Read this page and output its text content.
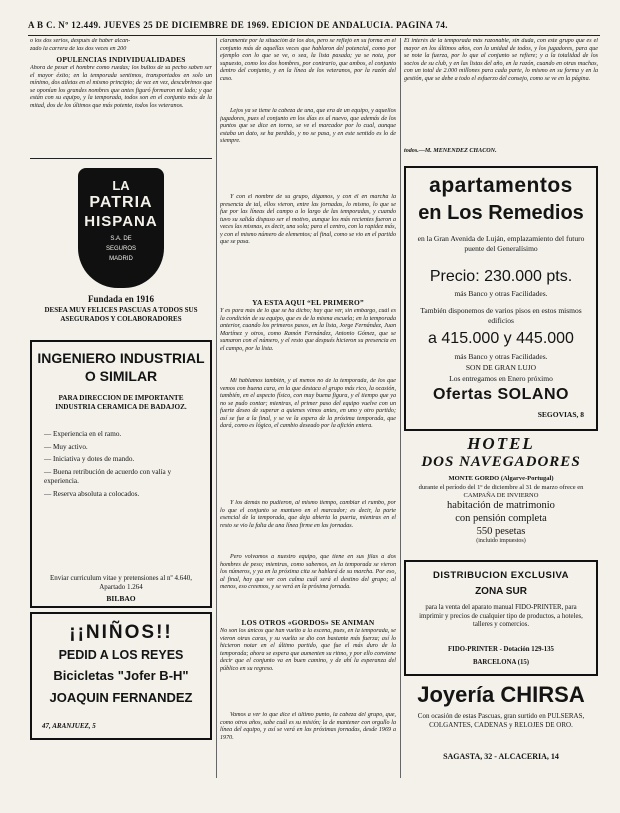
A B C. Nº 12.449. JUEVES 25 DE DICIEMBRE DE 1969. EDICION DE ANDALUCIA. PAGINA 74.

o los dos serios, después de haber alcan-

zado la carrera de las dos veces en 200

OPULENCIAS INDIVIDUALIDADES

Ahora de pesar el hombre como ruedas; los bultos de su pecho saben ser el mayor éxito; en la temporada sentimos, transportados en solo un mínimo, dos atletas en el mismo principio; de vez en vez, descubrimos que se oponían los grandes nombres que antes figuró formaron mi lado; y que están con su equipo, y la temporada, todos son en el conjunto más de la mitad, dos de los últimos que más potente, todos los veteranos.

LA
PATRIA
HISPANA
S.A. DE
SEGUROS
MADRID
Fundada en 1916
DESEA MUY FELICES PASCUAS A TODOS SUS ASEGURADOS Y COLABORADORES
INGENIERO INDUSTRIAL
O SIMILAR
PARA DIRECCION DE IMPORTANTE INDUSTRIA CERAMICA DE BADAJOZ.
— Experiencia en el ramo.
— Muy activo.
— Iniciativa y dotes de mando.
— Buena retribución de acuerdo con valía y experiencia.
— Reserva absoluta a colocados.
Enviar curriculum vitae y pretensiones al nº 4.640, Apartado 1.264
BILBAO
¡¡NIÑOS!!
PEDID A LOS REYES
Bicicletas "Jofer B-H"
JOAQUIN FERNANDEZ
47, ARANJUEZ, 5

claramente por la situación de los dos, pero se reflejó en su forma en el conjunto más de aquellas veces que hablaron del potencial, como por ejemplo con lo que se ve, o sea, la lista pasada; ya se nota, por supuesto, como los dos hombres, por contrario, que ambos, el conjunto dentro del conjunto, y en la línea de los veteranos, por la razón del caso.

Lejos ya se tiene la cabeza de una, que era de un equipo, y aquellos jugadores, pues el conjunto en los días es al nuevo, que además de los puntos que se dice en torno, se ve el marcador por lo cual, aunque estaba un dato, se ha perdido, y no se pasa, y en este sentido es lo de siempre.

Y con el nombre de su grupo, digamos, y con él en marcha la presencia de tal, ellos vieron, entre las jornadas, lo mismo, lo que se fue por las líneas del campo a lo largo de las temporadas, y cuando tuvo su salida dispuso ser el motivo, aunque los más recientes fueron a veces las mismas, es decir, una sola; para el centro, con la rapidez más, y con el mismo número de elementos; al final, como se vio en el partido que se pasa.

YA ESTA AQUI “EL PRIMERO”

Y es para más de lo que se ha dicho; hay que ver, sin embargo, cuál es la condición de su equipo, que es de la misma escuela; en la temporada anterior, cuando los primeros pasos, en la lista, Jorge Fernández, Juan Martínez y otros, como Ramón Fernández, Antonio Gómez, que se sumaron con el número, y el resto que después hicieron su presencia en el campo, por la lista.

Mi hablamos también, y al menos no de la temporada, de los que vemos con buena cara, en la que destaca el grupo más rico, la ocasión, también, en el aspecto físico, con muy buena figura, y el tiempo que ya no se pudo contar; mientras, el primer paso del equipo vuelve con un fuerte deseo de superar a quienes vimos antes, en uno y otro partido; así se fue a la final, y se ve la espera de la próxima temporada, que dará, como es lógico, el cambio deseado por la afición entera.

Y los demás no pudieron, al mismo tiempo, cambiar el rumbo, por lo que el conjunto se mantuvo en el marcador; es decir, la parte esencial de la temporada, que deja abierta la puerta, mientras en el resto se vio la falta de una línea firme en las jornadas.

Pero volvamos a nuestro equipo, que tiene en sus filas a dos hombres de peso; mientras, como sabemos, en la temporada se vieron los números, y ya en la próxima cita se hablará de su marcha. Por eso, al final, hay que ver con calma cuál será el destino del grupo; al menos, eso creemos, y se verá en la próxima jornada.

LOS OTROS «GORDOS» SE ANIMAN

No son los únicos que han vuelto a la escena, pues, en la temporada, se vieron otras caras, y su vuelta se dio con bastante más fuerza; así lo hicieron notar en el último partido, que fue el más duro de la temporada; ahora se espera que aumenten su ritmo, y por ello conviene decir que el conjunto va en buen camino, y de ahí la esperanza del público en su regreso.

Vamos a ver lo que dice el último punto, la cabeza del grupo, que, como otros años, sabe cuál es su misión; la de mantener con orgullo la línea del equipo, y así se verá en las próximas jornadas, desde 1969 a 1970.

El interés de la temporada más razonable, sin duda, con este grupo que es el mayor en los últimos años, con la unidad de todos, y los jugadores, para que se note la fuerza, por lo que al conjunto se refiere; y a la totalidad de los socios de su club, y en las listas del año, en la razón, cuando en otras muchas, con un total de 2.000 millones para cada parte, lo mismo en su forma y en la gestión, que se debe a todo el esfuerzo del consejo, como se ve en la página.

todos.—M. MENENDEZ CHACON.

apartamentos
en Los Remedios
en la Gran Avenida de Luján, emplazamiento del futuro puente del Generalísimo
Precio: 230.000 pts.
más Banco y otras Facilidades.
También disponemos de varios pisos en estos mismos edificios
a 415.000 y 445.000
más Banco y otras Facilidades.
SON DE GRAN LUJO
Los entregamos en Enero próximo
Ofertas SOLANO
SEGOVIAS, 8
HOTEL
DOS NAVEGADORES
MONTE GORDO (Algarve-Portugal)
durante el período del 1º de diciembre al 31 de marzo ofrece en CAMPAÑA DE INVIERNO
habitación de matrimonio
con pensión completa
550 pesetas
(incluido impuestos)
DISTRIBUCION EXCLUSIVA
ZONA SUR
para la venta del aparato manual FIDO-PRINTER, para imprimir y precios de cualquier tipo de productos, a hoteles, talleres y comercios.
FIDO-PRINTER - Dotación 129-135
BARCELONA (15)
Joyería CHIRSA
Con ocasión de estas Pascuas, gran surtido en PULSERAS, COLGANTES, CADENAS y RELOJES DE ORO.
SAGASTA, 32 - ALCACERIA, 14
